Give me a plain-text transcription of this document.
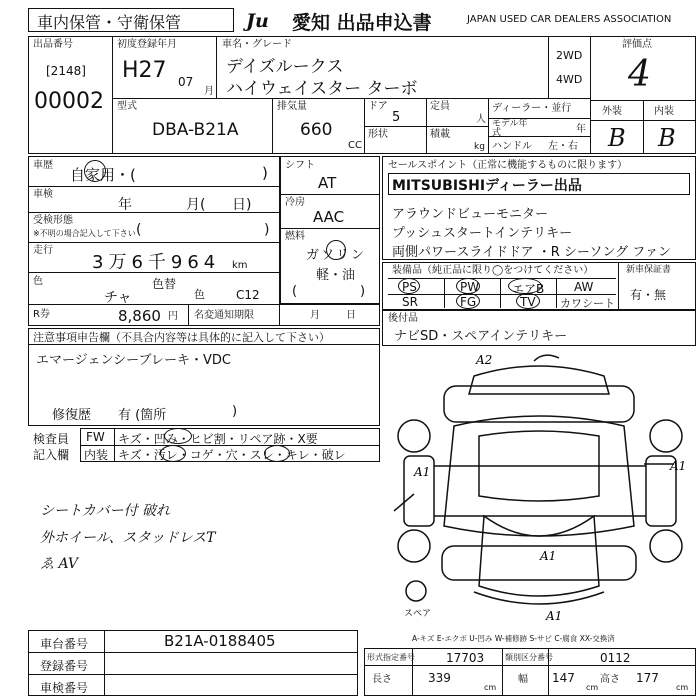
車内保管・守衛保管	Ju	愛知 出品申込書	JAPAN USED CAR DEALERS ASSOCIATION
出品番号
[2148]
00002
初度登録年月
H27 07
月
車名・グレード
デイズルークス
ハイウェイスター ターボ
2WD
4WD
評価点
4
外装	内装
B B
型式
DBA-B21A
排気量
660
CC
ドア
5
形状
定員
人
積載
kg
ディーラー・並行
モデル年式	年
ハンドル 左・右
車歴
自家用・(	)
車検
年	月( 日)
受検形態
※不明の場合記入して下さい (	)
走行
3万6千964 km
色
チャ
色替
色	C12
R券	8,860 円
シフト
AT
冷房
AAC
燃料
ガソリン
軽・油
(	)
名変通知期限	月	日
セールスポイント（正常に機能するものに限ります）
MITSUBISHIディーラー出品
アラウンドビューモニター
プッシュスタートインテリキー
両側パワースライドドア ・R シーソング ファン
装備品（純正品に限り◯をつけてください）	新車保証書
有・無
PS	PW	エアB AW
SR	FG	TV カワシート
後付品
ナビSD・スペアインテリキー
注意事項申告欄（不具合内容等は具体的に記入して下さい）
エマージェンシーブレーキ・VDC
修復歴 有 (箇所	)
検査員
記入欄
FW キズ・凹み・ヒビ割・リペア跡・X要
内装 キズ・汚レ・コゲ・穴・スレ・キレ・破レ
シートカバー付 破れ
外ホイール、スタッドレスT
ゑ AV
A2
A1	A1
A1
A1
スペア
A-キズ E-エクボ U-凹み W-補修跡 S-サビ C-腐食 XX-交換済
車台番号	B21A-0188405
登録番号
車検番号
形式指定番号	17703	類別区分番号	0112
長さ	339
cm
幅 147
cm
高さ 177
cm
